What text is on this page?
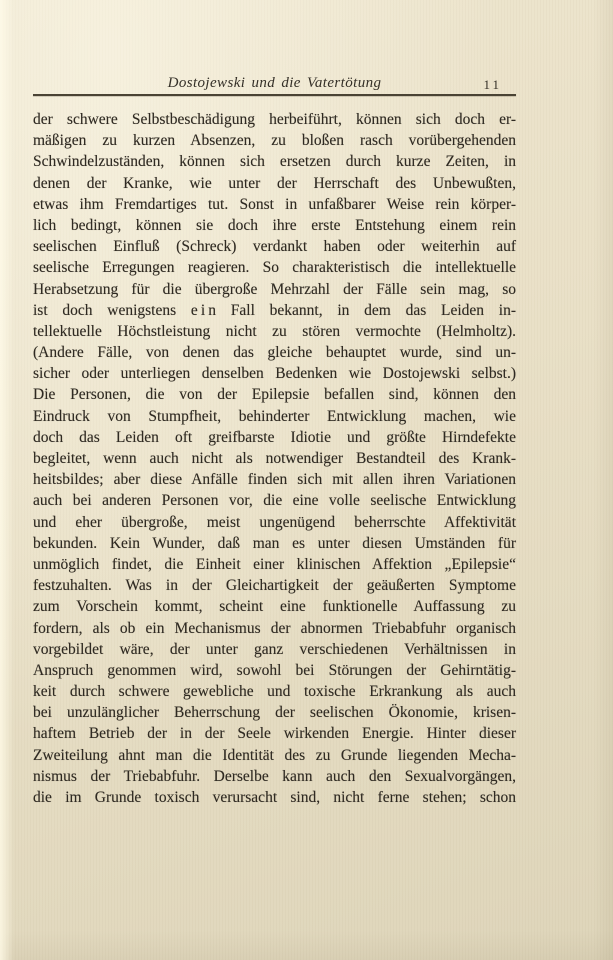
Dostojewski und die Vatertötung	11
der schwere Selbstbeschädigung herbeiführt, können sich doch er-
mäßigen zu kurzen Absenzen, zu bloßen rasch vorübergehenden
Schwindelzuständen, können sich ersetzen durch kurze Zeiten, in
denen der Kranke, wie unter der Herrschaft des Unbewußten,
etwas ihm Fremdartiges tut. Sonst in unfaßbarer Weise rein körper-
lich bedingt, können sie doch ihre erste Entstehung einem rein
seelischen Einfluß (Schreck) verdankt haben oder weiterhin auf
seelische Erregungen reagieren. So charakteristisch die intellektuelle
Herabsetzung für die übergroße Mehrzahl der Fälle sein mag, so
ist doch wenigstens e i n Fall bekannt, in dem das Leiden in-
tellektuelle Höchstleistung nicht zu stören vermochte (Helmholtz).
(Andere Fälle, von denen das gleiche behauptet wurde, sind un-
sicher oder unterliegen denselben Bedenken wie Dostojewski selbst.)
Die Personen, die von der Epilepsie befallen sind, können den
Eindruck von Stumpfheit, behinderter Entwicklung machen, wie
doch das Leiden oft greifbarste Idiotie und größte Hirndefekte
begleitet, wenn auch nicht als notwendiger Bestandteil des Krank-
heitsbildes; aber diese Anfälle finden sich mit allen ihren Variationen
auch bei anderen Personen vor, die eine volle seelische Entwicklung
und eher übergroße, meist ungenügend beherrschte Affektivität
bekunden. Kein Wunder, daß man es unter diesen Umständen für
unmöglich findet, die Einheit einer klinischen Affektion „Epilepsie“
festzuhalten. Was in der Gleichartigkeit der geäußerten Symptome
zum Vorschein kommt, scheint eine funktionelle Auffassung zu
fordern, als ob ein Mechanismus der abnormen Triebabfuhr organisch
vorgebildet wäre, der unter ganz verschiedenen Verhältnissen in
Anspruch genommen wird, sowohl bei Störungen der Gehirntätig-
keit durch schwere gewebliche und toxische Erkrankung als auch
bei unzulänglicher Beherrschung der seelischen Ökonomie, krisen-
haftem Betrieb der in der Seele wirkenden Energie. Hinter dieser
Zweiteilung ahnt man die Identität des zu Grunde liegenden Mecha-
nismus der Triebabfuhr. Derselbe kann auch den Sexualvorgängen,
die im Grunde toxisch verursacht sind, nicht ferne stehen; schon
